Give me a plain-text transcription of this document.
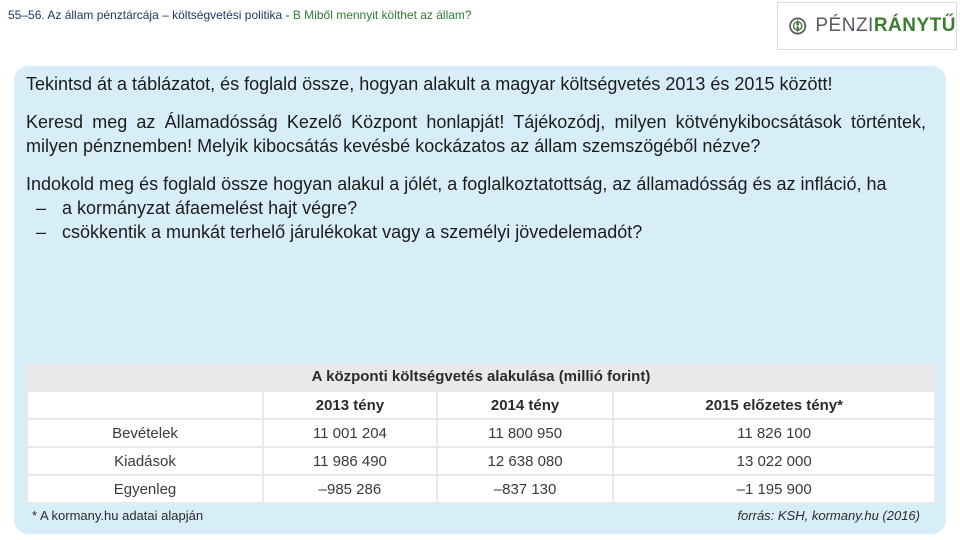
55–56. Az állam pénztárcája – költségvetési politika - B Miből mennyit költhet az állam?	PÉNZIRÁNYTŰ

Tekintsd át a táblázatot, és foglald össze, hogyan alakult a magyar költségvetés 2013 és 2015 között!

Keresd meg az Államadósság Kezelő Központ honlapját! Tájékozódj, milyen kötvénykibocsátások történtek, milyen pénznemben! Melyik kibocsátás kevésbé kockázatos az állam szemszögéből nézve?

Indokold meg és foglald össze hogyan alakul a jólét, a foglalkoztatottság, az államadósság és az infláció, ha

– a kormányzat áfaemelést hajt végre?
– csökkentik a munkát terhelő járulékokat vagy a személyi jövedelemadót?
A központi költségvetés alakulása (millió forint)
	2013 tény	2014 tény	2015 előzetes tény*
Bevételek	11 001 204	11 800 950	11 826 100
Kiadások	11 986 490	12 638 080	13 022 000
Egyenleg	–985 286	–837 130	–1 195 900
* A kormany.hu adatai alapján	forrás: KSH, kormany.hu (2016)
